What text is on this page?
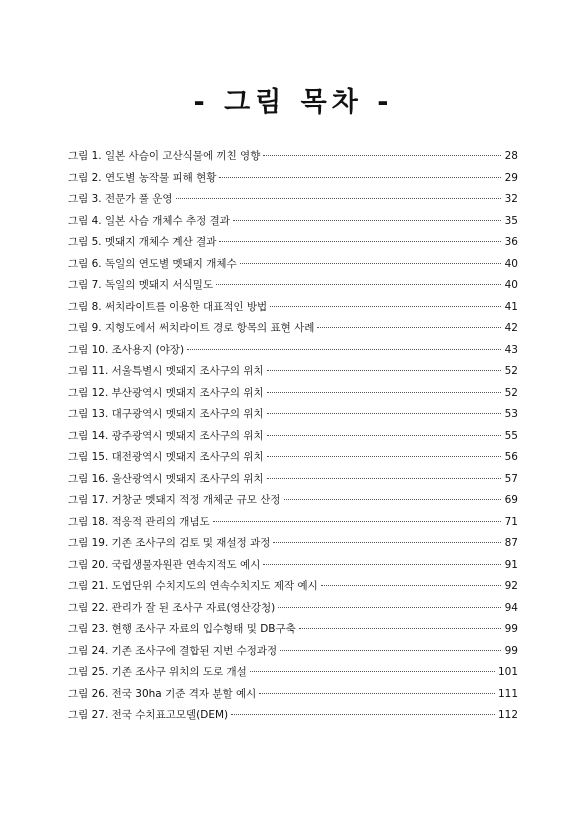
- 그림 목차 -
그림 1. 일본 사슴이 고산식물에 끼친 영향	28
그림 2. 연도별 농작물 피해 현황	29
그림 3. 전문가 풀 운영	32
그림 4. 일본 사슴 개체수 추정 결과	35
그림 5. 멧돼지 개체수 계산 결과	36
그림 6. 독일의 연도별 멧돼지 개체수	40
그림 7. 독일의 멧돼지 서식밀도	40
그림 8. 써치라이트를 이용한 대표적인 방법	41
그림 9. 지형도에서 써치라이트 경로 항목의 표현 사례	42
그림 10. 조사용지 (야장)	43
그림 11. 서울특별시 멧돼지 조사구의 위치	52
그림 12. 부산광역시 멧돼지 조사구의 위치	52
그림 13. 대구광역시 멧돼지 조사구의 위치	53
그림 14. 광주광역시 멧돼지 조사구의 위치	55
그림 15. 대전광역시 멧돼지 조사구의 위치	56
그림 16. 울산광역시 멧돼지 조사구의 위치	57
그림 17. 거창군 멧돼지 적정 개체군 규모 산정	69
그림 18. 적응적 관리의 개념도	71
그림 19. 기존 조사구의 검토 및 재설정 과정	87
그림 20. 국립생물자원관 연속지적도 예시	91
그림 21. 도엽단위 수치지도의 연속수치지도 제작 예시	92
그림 22. 관리가 잘 된 조사구 자료(영산강청)	94
그림 23. 현행 조사구 자료의 입수형태 및 DB구축	99
그림 24. 기존 조사구에 결합된 지번 수정과정	99
그림 25. 기존 조사구 위치의 도로 개설	101
그림 26. 전국 30ha 기준 격자 분할 예시	111
그림 27. 전국 수치표고모델(DEM)	112
